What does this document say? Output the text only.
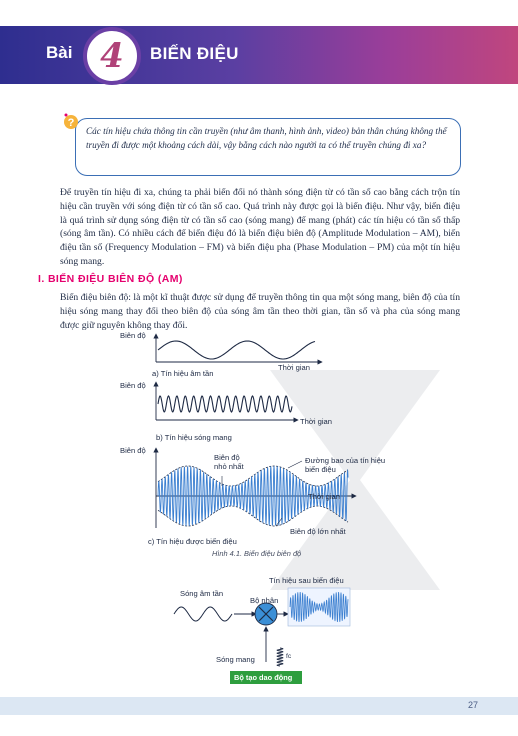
Bài 4 BIẾN ĐIỆU
?
Các tín hiệu chứa thông tin cần truyền (như âm thanh, hình ảnh, video) bản thân chúng không thể truyền đi được một khoảng cách dài, vậy bằng cách nào người ta có thể truyền chúng đi xa?
Để truyền tín hiệu đi xa, chúng ta phải biến đổi nó thành sóng điện từ có tần số cao bằng cách trộn tín hiệu cần truyền với sóng điện từ có tần số cao. Quá trình này được gọi là biến điệu. Như vậy, biến điệu là quá trình sử dụng sóng điện từ có tần số cao (sóng mang) để mang (phát) các tín hiệu có tần số thấp (sóng âm tần). Có nhiều cách để biến điệu đó là biến điệu biên độ (Amplitude Modulation – AM), biến điệu tần số (Frequency Modulation – FM) và biến điệu pha (Phase Modulation – PM) của một tín hiệu sóng mang.
I. BIẾN ĐIỆU BIÊN ĐỘ (AM)
Biến điệu biên độ: là một kĩ thuật được sử dụng để truyền thông tin qua một sóng mang, biên độ của tín hiệu sóng mang thay đổi theo biên độ của sóng âm tần theo thời gian, tần số và pha của sóng mang được giữ nguyên không thay đổi.
Biên độ
Thời gian
a) Tín hiệu âm tần
Biên độ
Thời gian
b) Tín hiệu sóng mang
Biên độ
Biên độ
nhỏ nhất
Đường bao của tín hiệu
biến điệu
Thời gian
Biên độ lớn nhất
c) Tín hiệu được biến điệu
Hình 4.1. Biến điệu biên độ
Tín hiệu sau biến điệu
Sóng âm tần
Bộ nhân
Sóng mang	fc
Bộ tạo dao động
27
